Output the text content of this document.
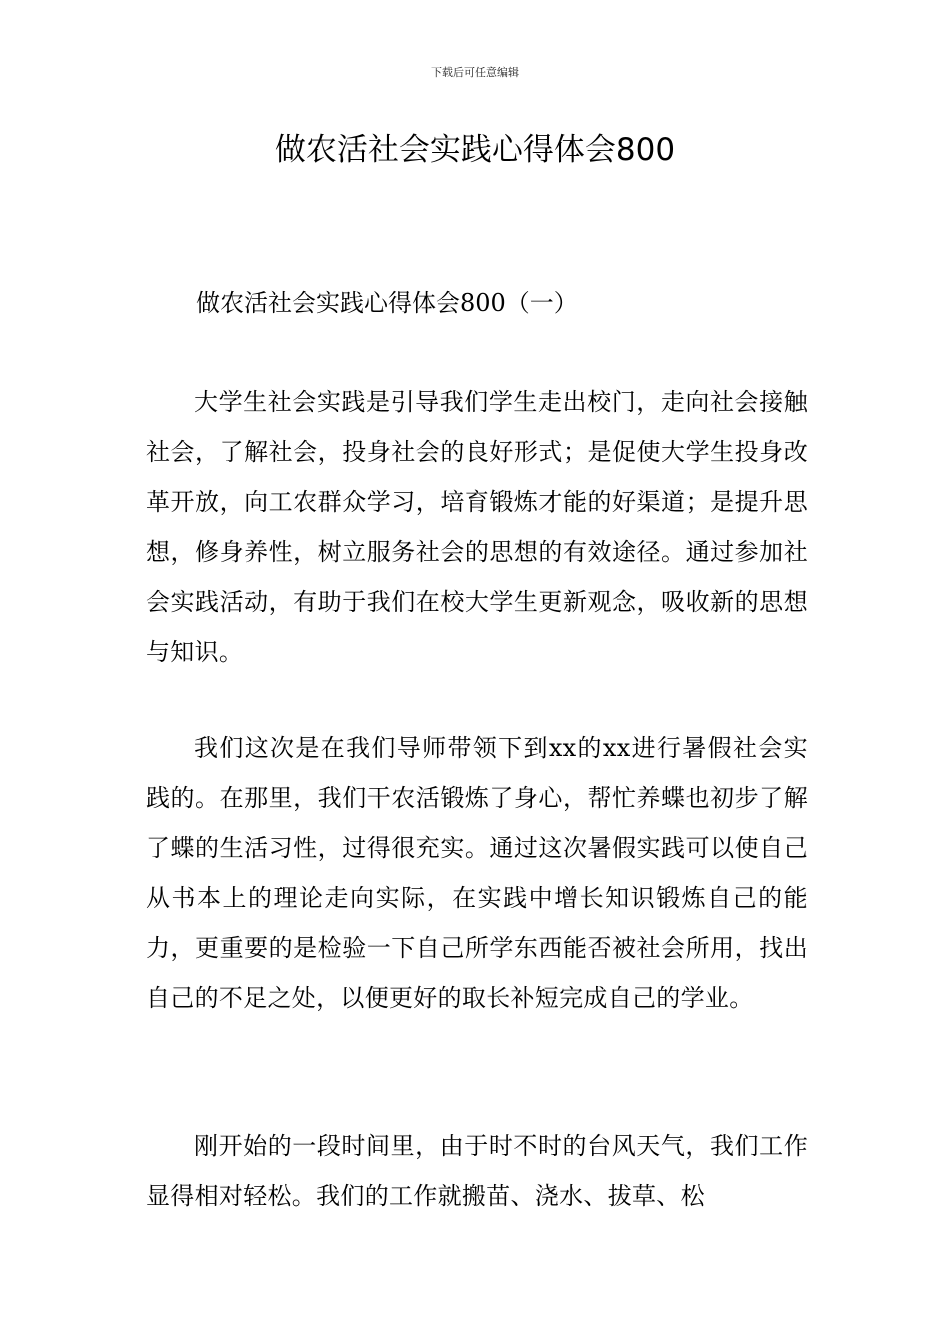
下载后可任意编辑
做农活社会实践心得体会800

做农活社会实践心得体会800（一）

大学生社会实践是引导我们学生走出校门，走向社会接触社会，了解社会，投身社会的良好形式；是促使大学生投身改革开放，向工农群众学习，培育锻炼才能的好渠道；是提升思想，修身养性，树立服务社会的思想的有效途径。通过参加社会实践活动，有助于我们在校大学生更新观念，吸收新的思想与知识。

我们这次是在我们导师带领下到xx的xx进行暑假社会实践的。在那里，我们干农活锻炼了身心，帮忙养蝶也初步了解了蝶的生活习性，过得很充实。通过这次暑假实践可以使自己从书本上的理论走向实际，在实践中增长知识锻炼自己的能力，更重要的是检验一下自己所学东西能否被社会所用，找出自己的不足之处，以便更好的取长补短完成自己的学业。

刚开始的一段时间里，由于时不时的台风天气，我们工作显得相对轻松。我们的工作就搬苗、浇水、拔草、松
